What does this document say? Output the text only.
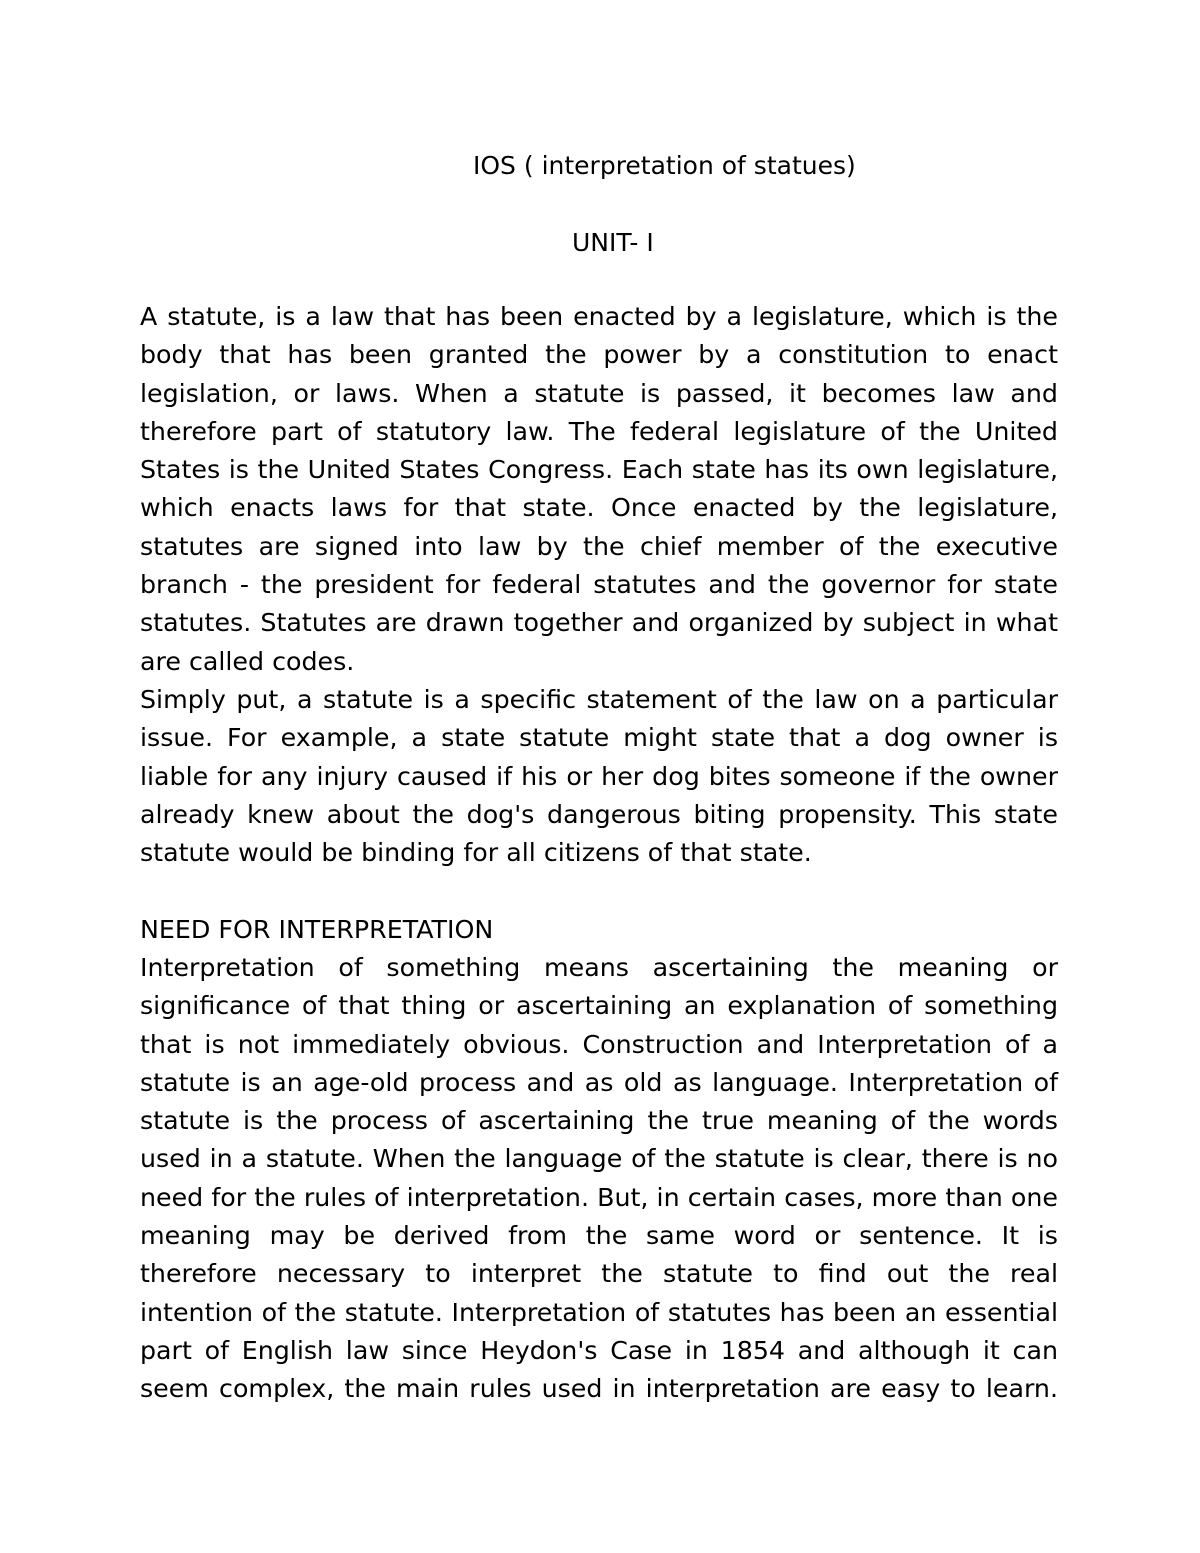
IOS ( interpretation of statues)
UNIT- I

A statute, is a law that has been enacted by a legislature, which is the body that has been granted the power by a constitution to enact legislation, or laws. When a statute is passed, it becomes law and therefore part of statutory law. The federal legislature of the United States is the United States Congress. Each state has its own legislature, which enacts laws for that state. Once enacted by the legislature, statutes are signed into law by the chief member of the executive branch - the president for federal statutes and the governor for state statutes. Statutes are drawn together and organized by subject in what are called codes.

Simply put, a statute is a specific statement of the law on a particular issue. For example, a state statute might state that a dog owner is liable for any injury caused if his or her dog bites someone if the owner already knew about the dog's dangerous biting propensity. This state statute would be binding for all citizens of that state.

NEED FOR INTERPRETATION

Interpretation of something means ascertaining the meaning or significance of that thing or ascertaining an explanation of something that is not immediately obvious. Construction and Interpretation of a statute is an age-old process and as old as language. Interpretation of statute is the process of ascertaining the true meaning of the words used in a statute. When the language of the statute is clear, there is no need for the rules of interpretation. But, in certain cases, more than one meaning may be derived from the same word or sentence. It is therefore necessary to interpret the statute to find out the real intention of the statute. Interpretation of statutes has been an essential part of English law since Heydon's Case in 1854 and although it can seem complex, the main rules used in interpretation are easy to learn.
